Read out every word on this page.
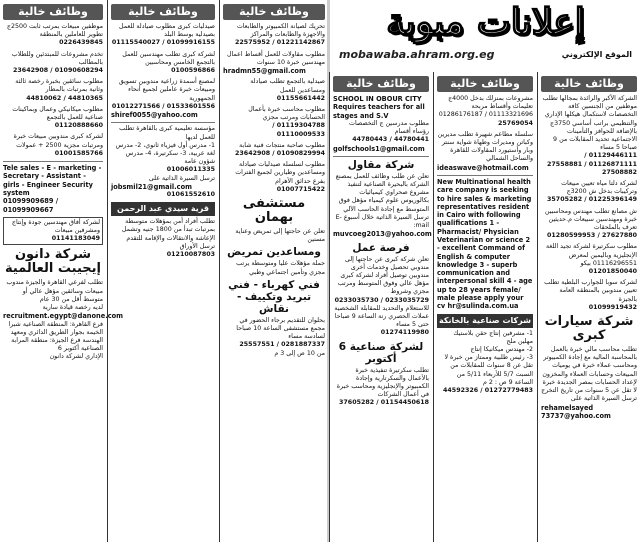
وظائف خالية
موظفين مبيعات بمرتب ثابت 2500ج تطوير للعاملين بالمنطقة
0226439845
تخدم مشروعات للمبتدئين وللطلاب بالمطالب
01090608294 / 23642908
مطلوب سائقين بخبرة رخصة ثالثة وثانية بمرتبات بالمطار
44810365 / 44810062
مطلوب ميكانيكي وعمال وبماكينات صناعية للعمل بالتجمع
01120888660
لشركة كبرى مندوبين مبيعات خبرة ومرتبات مجزية 2500 + عمولات
01001585766
Tele sales - E - marketing - Secretary - Assistant - girls - Engineer Security system
01099909689 / 01099909667
لشركة أفاق مهندسين جودة وإنتاج ومشرفين مبيعات
01141183049
شركة دانون إيجيبت العالمية
تطلب لفرعي القاهرة والجيزة مندوب مبيعات وسائقين مؤهل عالي أو متوسط أقل من 30 عام
لديه رخصة قيادة سارية
recruitment.egypt@danone.com
فرع القاهرة: المنطقة الصناعية شبرا الخيمة بجوار الطريق الدائري ومعهد الهندسة فرع الجيزة: منطقة المرابة الصناعية أكتوبر 6
الإداري لشركة دانون
وظائف خالية
صيدليات كبرى مطلوب صيادلة للعمل بصيدلية بوسط البلد
01099916155 / 01115540027
لشركة كبرى تطلب مهندسين للعمل بالتجمع الخامس ومحاسبين
0100596866
لمصنع أسمدة زراعية مندوبين تسويق ومبيعات خبرة عاملين لجميع أنحاء الجمهورية
01533601556 / 01012271566
shiref0055@yahoo.com
مؤسسة تعليمية كبرى بالقاهرة تطلب للعمل لديها
1- مدرس أول فيزياء ثانوي، 2- مدرس لغة عربية، 3- سكرتيرة، 4- مدرس شؤون عامة
01006011335
ترسل السيرة الذاتية على
jobsmil21@gmail.com
01061552610
قرية سيدي عبد الرحمن
تطلب أفراد أمن بمؤهلات متوسطة بمرتبات تبدأ من 1800 جنيه وتشمل الإعاشة والانتقالات والإقامة للتقدم ترسل الأوراق
01210087803
وظائف خالية
تحريك لصيانة الكمبيوتر والطابعات والاجهزة والطابعات والمراكز
01221142867 / 22575952
مطلوب مقاولات للعمل أقساط اعمال مهندسين خبرة 10 سنوات
hradmn55@gmail.com
صيدلية بالتجمع تطلب صيادلة ومساعدين للعمل
01155661442
مطلوب محاسب خبرة بأعمال الحسابات ومرتب مجزي
01119304788 / 01110009533
مطلوب صاحبة منتجات فنية شابة
01090829994 / 23642908
مطلوب لسلسلة صيدليات صيادلة ومساعدين وطيارين لجميع الفترات بفرع حدائق الأهرام
01007715422
مستشفى بهمان
تعلن عن حاجتها إلى تمريض وعناية مسنين
ومساعدين تمريض
حملة مؤهلات عليا ومتوسطة يرتب مجزي وتأمين اجتماعي وطبي
فني كهرباء - فني تبريد وتكييف - نقاش
بحلوان للتقديم برجاء الحضور في مجمع مستشفى الساعة 10 صباحا لسادسة مساء
0281887337 / 25557551
من 10 ص إلى 3 م
إعلانات مبوبة
الموقع الإلكتروني
mobawaba.ahram.org.eg
وظائف خالية
SCHOOL IN OBOUR CITY Requires teachers for all stages and S.V
مطلوب مدرسين ج التخصصات رؤساء أقسام
44780441 / 44780443
golfschools1@gmail.com
شركة مقاول
تعلن عن طلب وظائف للعمل بمصنع الشركة بالبحيرة الصناعية لتنفيذ مشروع صحراوي كيميائيات بكالوريوس علوم كيمياء مؤهل فوق المتوسط مع إجادة الحاسب الآلي ترسل السيرة الذاتية خلال أسبوع E-mail:
muvcoeg2013@yahoo.com
فرصة عمل
تعلن شركة كبرى عن حاجتها إلى مندوبي تحصيل وخدمات أخرى مندوبين توصيل أفراد لشركة كبرى مؤهل عالي وفوق المتوسط ومرتب مجزي وشروط
0233035729 / 0233035730
للاستعلام والتحديد للمقابلة الشخصية عملات الحصري رنة الساعة 9 صباحا حتى 5 مساء
01274119980
لشركة صناعية 6 أكتوبر
تطلب سكرتيرة تنفيذية خبرة بالأعمال والسكرتارية وإجادة الكمبيوتر والإنجليزية ومحاسب خبرة في أعمال الشركات
01154450618 / 37605282
وظائف خالية
مشروعات بمنزلك بدخل 4000ج تعليمات وأقساط مربحة 01113321696 / 01286176187
25769054
سلسلة مطاعم شهيرة تطلب مديرين وكباتن ومديرات وطهاة شواية سنتر وبار وأستيورد المقاولات للقاهرة والساحل الشمالي
ideaswave@hotmail.com
New Multinational health care company is seeking to hire sales & marketing representatives resident in Cairo with following qualifications 1 - Pharmacist/ Physician Veterinarian or science 2 - excellent Command of English & computer knowledge 3 - superb communication and interpersonal skill 4 - age up to 28 years female/ male please apply your cv hr@sulinda.com.ua
شركات صناعية بالخانكة
1- مشرفين إنتاج حقن بلاستيك مهلين ملح
2- مهندس ميكانيكا إنتاج
3- رئيس طلبية وممتاز من خبرة لا تقل عن 8 سنوات للمقابلات من السبت 5/7 للأربعاء 5/11 من الساعة 9 ص : 2 م
01272779483 / 44592326
وظائف خالية
الشركة الأكبر والرائدة بمجالها تطلب موظفين من الجنسين كافة التخصصات لاستكمال هيكلها الإداري والتنظيمي براتب أساسي 3750ج بالإضافة للحوافز والتأمينات الاجتماعية تحديد المقابلات من 9 صباحا 5 مساء
01129446111 / 01126871111 / 27558881
27508882
لشركة دلتا مياه تعيين مبيعات وتركيبات بدخل ش 3200ج
01225396149 / 35705282
ش مصانع تطلب مهندس ومحاسبين خبرة ومهندسين سبيعات م.حديثين تعرف بالملحقات
27627880 / 01280599953
مطلوب سكرتيرة لشركة تجيد اللغة الإنجليزية وباليمين لمعرض 01116296551 بيكو
01201850040
لشركة سوبا للجوارب البلطية تطلب تعيين مندوبين بالمنطقة العامة بالجيزة
01099919432
شركة سيارات كبرى
تطلب محاسب مالي خبرة بالعمل بالمحاسبة المالية مع إجادة الكمبيوتر ومحاسب عملاء خبرة في يوميات المبيعات وحسابات العملاء والمخزون لإعداد الحسابات بمصر الجديدة خبرة لا تقل عن 5 سنوات من تاريخ التخرج ترسل السيرة الذاتية على
rehamelsayed 73737@yahoo.com
